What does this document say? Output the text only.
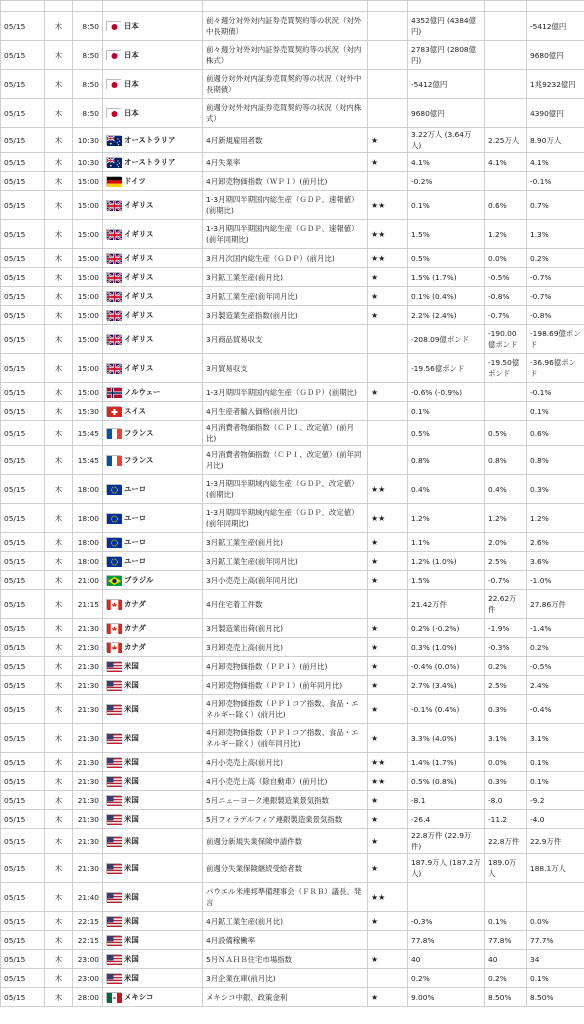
05/15	木	8:50	日本	前々週分対外対内証券売買契約等の状況（対外中長期債）		4352億円 (4384億円)		-5412億円
05/15	木	8:50	日本	前々週分対外対内証券売買契約等の状況（対内株式）		2783億円 (2808億円)		9680億円
05/15	木	8:50	日本	前週分対外対内証券売買契約等の状況（対外中長期債）		-5412億円		1兆9232億円
05/15	木	8:50	日本	前週分対外対内証券売買契約等の状況（対内株式）		9680億円		4390億円
05/15	木	10:30	オーストラリア	4月新規雇用者数	★	3.22万人 (3.64万人)	2.25万人	8.90万人
05/15	木	10:30	オーストラリア	4月失業率	★	4.1%	4.1%	4.1%
05/15	木	15:00	ドイツ	4月卸売物価指数（ＷＰＩ）(前月比)		-0.2%		-0.1%
05/15	木	15:00	イギリス	1-3月期四半期国内総生産（ＧＤＰ、速報値）(前期比)	★★	0.1%	0.6%	0.7%
05/15	木	15:00	イギリス	1-3月期四半期国内総生産（ＧＤＰ、速報値）(前年同期比)	★★	1.5%	1.2%	1.3%
05/15	木	15:00	イギリス	3月月次国内総生産（ＧＤＰ）(前月比)	★★	0.5%	0.0%	0.2%
05/15	木	15:00	イギリス	3月鉱工業生産(前月比)	★	1.5% (1.7%)	-0.5%	-0.7%
05/15	木	15:00	イギリス	3月鉱工業生産(前年同月比)	★	0.1% (0.4%)	-0.8%	-0.7%
05/15	木	15:00	イギリス	3月製造業生産指数(前月比)	★	2.2% (2.4%)	-0.7%	-0.8%
05/15	木	15:00	イギリス	3月商品貿易収支		-208.09億ポンド	-190.00億ポンド	-198.69億ポンド
05/15	木	15:00	イギリス	3月貿易収支		-19.56億ポンド	-19.50億ポンド	-36.96億ポンド
05/15	木	15:00	ノルウェー	1-3月期四半期国内総生産（ＧＤＰ）(前期比)	★	-0.6% (-0.9%)		-0.1%
05/15	木	15:30	スイス	4月生産者輸入価格(前月比)		0.1%		0.1%
05/15	木	15:45	フランス	4月消費者物価指数（ＣＰＩ、改定値）(前月比)		0.5%	0.5%	0.6%
05/15	木	15:45	フランス	4月消費者物価指数（ＣＰＩ、改定値）(前年同月比)		0.8%	0.8%	0.8%
05/15	木	18:00	ユーロ	1-3月期四半期域内総生産（ＧＤＰ、改定値）(前期比)	★★	0.4%	0.4%	0.3%
05/15	木	18:00	ユーロ	1-3月期四半期域内総生産（ＧＤＰ、改定値）(前年同期比)	★★	1.2%	1.2%	1.2%
05/15	木	18:00	ユーロ	3月鉱工業生産(前月比)	★	1.1%	2.0%	2.6%
05/15	木	18:00	ユーロ	3月鉱工業生産(前年同月比)	★	1.2% (1.0%)	2.5%	3.6%
05/15	木	21:00	ブラジル	3月小売売上高(前年同月比)	★	1.5%	-0.7%	-1.0%
05/15	木	21:15	カナダ	4月住宅着工件数		21.42万件	22.62万件	27.86万件
05/15	木	21:30	カナダ	3月製造業出荷(前月比)	★	0.2% (-0.2%)	-1.9%	-1.4%
05/15	木	21:30	カナダ	3月卸売売上高(前月比)	★	0.3% (1.0%)	-0.3%	0.2%
05/15	木	21:30	米国	4月卸売物価指数（ＰＰＩ）(前月比)	★	-0.4% (0.0%)	0.2%	-0.5%
05/15	木	21:30	米国	4月卸売物価指数（ＰＰＩ）(前年同月比)	★	2.7% (3.4%)	2.5%	2.4%
05/15	木	21:30	米国	4月卸売物価指数（ＰＰＩコア指数、食品・エネルギー除く）(前月比)	★	-0.1% (0.4%)	0.3%	-0.4%
05/15	木	21:30	米国	4月卸売物価指数（ＰＰＩコア指数、食品・エネルギー除く）(前年同月比)	★	3.3% (4.0%)	3.1%	3.1%
05/15	木	21:30	米国	4月小売売上高(前月比)	★★	1.4% (1.7%)	0.0%	0.1%
05/15	木	21:30	米国	4月小売売上高（除自動車）(前月比)	★★	0.5% (0.8%)	0.3%	0.1%
05/15	木	21:30	米国	5月ニューヨーク連銀製造業景気指数	★	-8.1	-8.0	-9.2
05/15	木	21:30	米国	5月フィラデルフィア連銀製造業景気指数	★	-26.4	-11.2	-4.0
05/15	木	21:30	米国	前週分新規失業保険申請件数	★	22.8万件 (22.9万件)	22.8万件	22.9万件
05/15	木	21:30	米国	前週分失業保険継続受給者数	★	187.9万人 (187.2万人)	189.0万人	188.1万人
05/15	木	21:40	米国	パウエル米連邦準備理事会（ＦＲＢ）議長、発言	★★			
05/15	木	22:15	米国	4月鉱工業生産(前月比)	★	-0.3%	0.1%	0.0%
05/15	木	22:15	米国	4月設備稼働率		77.8%	77.8%	77.7%
05/15	木	23:00	米国	5月ＮＡＨＢ住宅市場指数	★	40	40	34
05/15	木	23:00	米国	3月企業在庫(前月比)		0.2%	0.2%	0.1%
05/15	木	28:00	メキシコ	メキシコ中銀、政策金利	★	9.00%	8.50%	8.50%
